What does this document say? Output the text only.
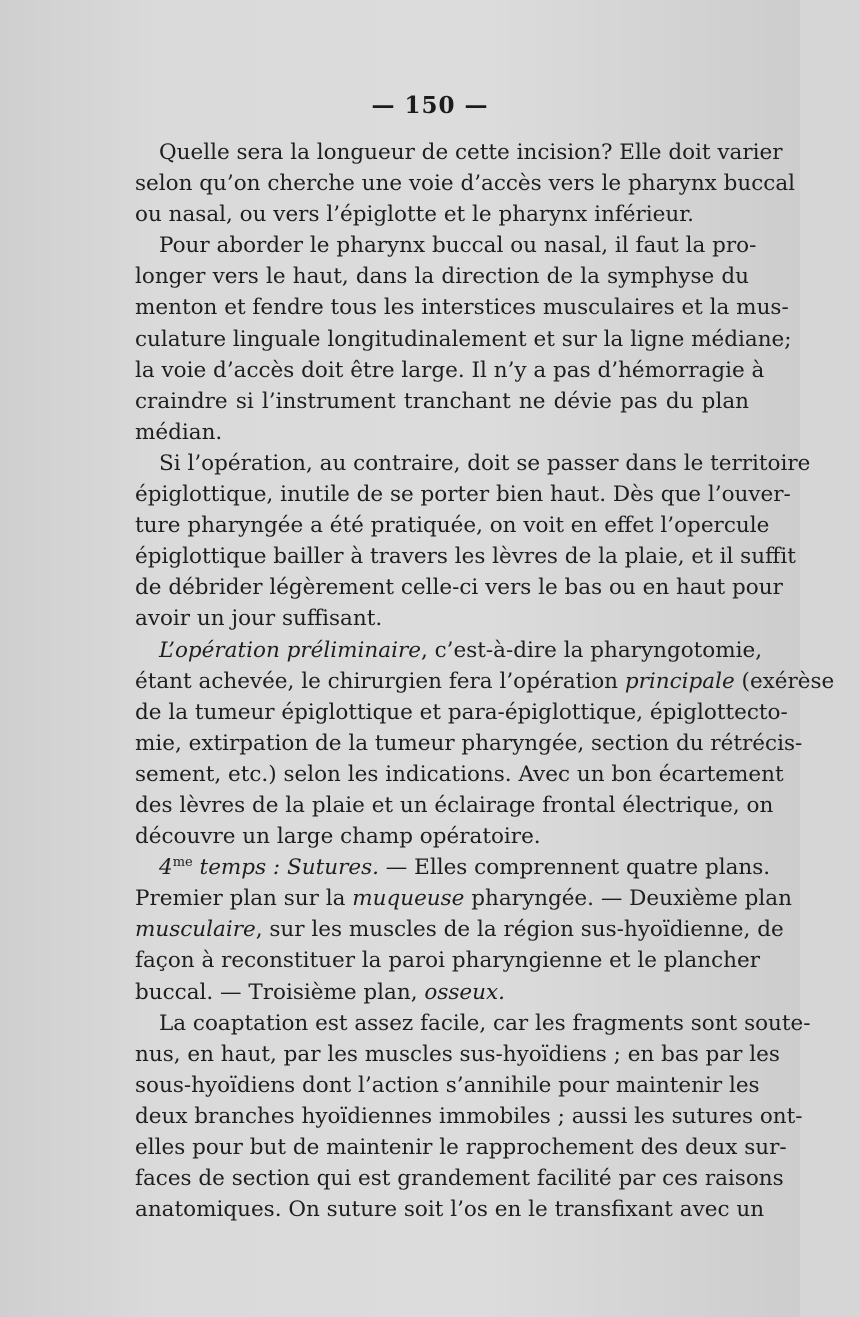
— 150 —
Quelle sera la longueur de cette incision? Elle doit varier
selon qu’on cherche une voie d’accès vers le pharynx buccal
ou nasal, ou vers l’épiglotte et le pharynx inférieur.
Pour aborder le pharynx buccal ou nasal, il faut la pro-
longer vers le haut, dans la direction de la symphyse du
menton et fendre tous les interstices musculaires et la mus-
culature linguale longitudinalement et sur la ligne médiane;
la voie d’accès doit être large. Il n’y a pas d’hémorragie à
craindre si l’instrument tranchant ne dévie pas du plan
médian.
Si l’opération, au contraire, doit se passer dans le territoire
épiglottique, inutile de se porter bien haut. Dès que l’ouver-
ture pharyngée a été pratiquée, on voit en effet l’opercule
épiglottique bailler à travers les lèvres de la plaie, et il suffit
de débrider légèrement celle-ci vers le bas ou en haut pour
avoir un jour suffisant.
L’opération préliminaire, c’est-à-dire la pharyngotomie,
étant achevée, le chirurgien fera l’opération principale (exérèse
de la tumeur épiglottique et para-épiglottique, épiglottecto-
mie, extirpation de la tumeur pharyngée, section du rétrécis-
sement, etc.) selon les indications. Avec un bon écartement
des lèvres de la plaie et un éclairage frontal électrique, on
découvre un large champ opératoire.
$4^{me}$ temps : Sutures. — Elles comprennent quatre plans.
Premier plan sur la muqueuse pharyngée. — Deuxième plan
musculaire, sur les muscles de la région sus-hyoïdienne, de
façon à reconstituer la paroi pharyngienne et le plancher
buccal. — Troisième plan, osseux.
La coaptation est assez facile, car les fragments sont soute-
nus, en haut, par les muscles sus-hyoïdiens ; en bas par les
sous-hyoïdiens dont l’action s’annihile pour maintenir les
deux branches hyoïdiennes immobiles ; aussi les sutures ont-
elles pour but de maintenir le rapprochement des deux sur-
faces de section qui est grandement facilité par ces raisons
anatomiques. On suture soit l’os en le transfixant avec un
